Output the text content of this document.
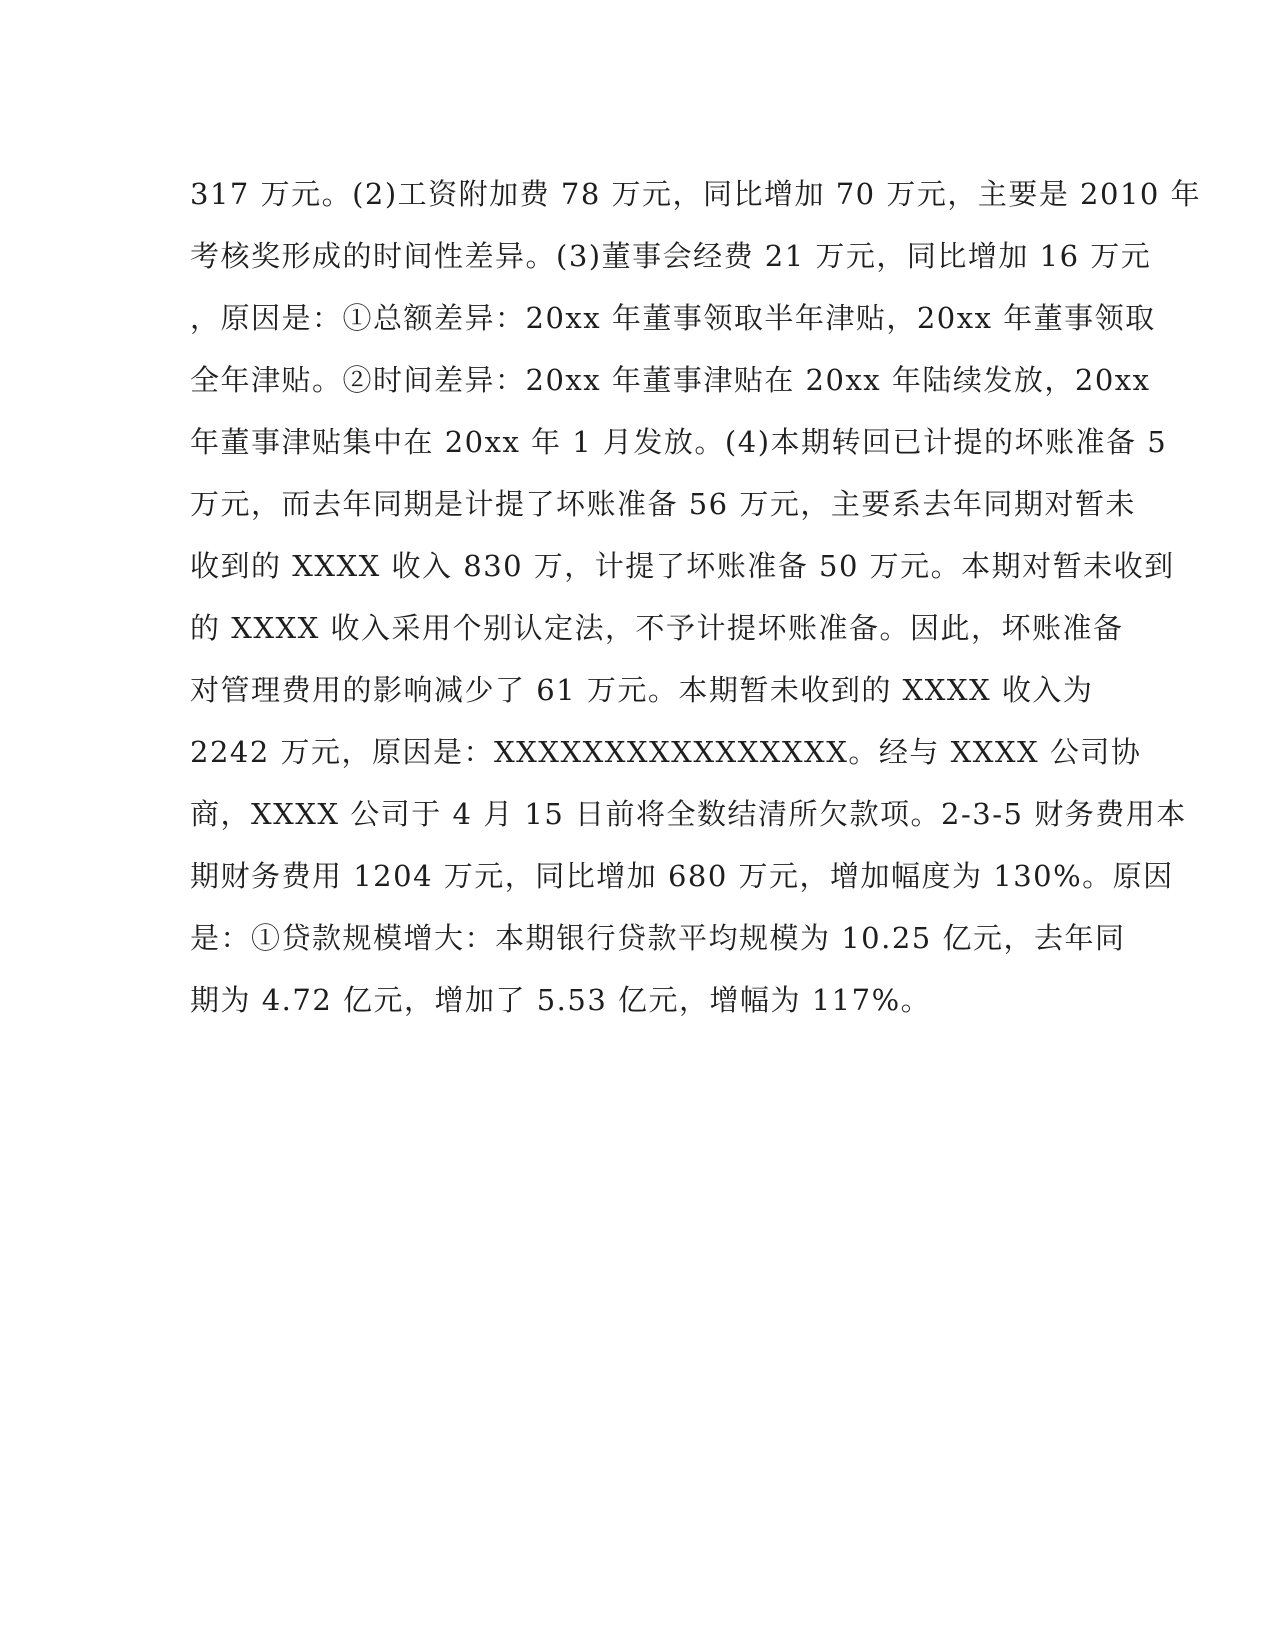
317 万元。(2)工资附加费 78 万元，同比增加 70 万元，主要是 2010 年
考核奖形成的时间性差异。(3)董事会经费 21 万元，同比增加 16 万元
，原因是：①总额差异：20xx 年董事领取半年津贴，20xx 年董事领取
全年津贴。②时间差异：20xx 年董事津贴在 20xx 年陆续发放，20xx
年董事津贴集中在 20xx 年 1 月发放。(4)本期转回已计提的坏账准备 5
万元，而去年同期是计提了坏账准备 56 万元，主要系去年同期对暂未
收到的 XXXX 收入 830 万，计提了坏账准备 50 万元。本期对暂未收到
的 XXXX 收入采用个别认定法，不予计提坏账准备。因此，坏账准备
对管理费用的影响减少了 61 万元。本期暂未收到的 XXXX 收入为
2242 万元，原因是：XXXXXXXXXXXXXXXX。经与 XXXX 公司协
商，XXXX 公司于 4 月 15 日前将全数结清所欠款项。2-3-5 财务费用本
期财务费用 1204 万元，同比增加 680 万元，增加幅度为 130%。原因
是：①贷款规模增大：本期银行贷款平均规模为 10.25 亿元，去年同
期为 4.72 亿元，增加了 5.53 亿元，增幅为 117%。
